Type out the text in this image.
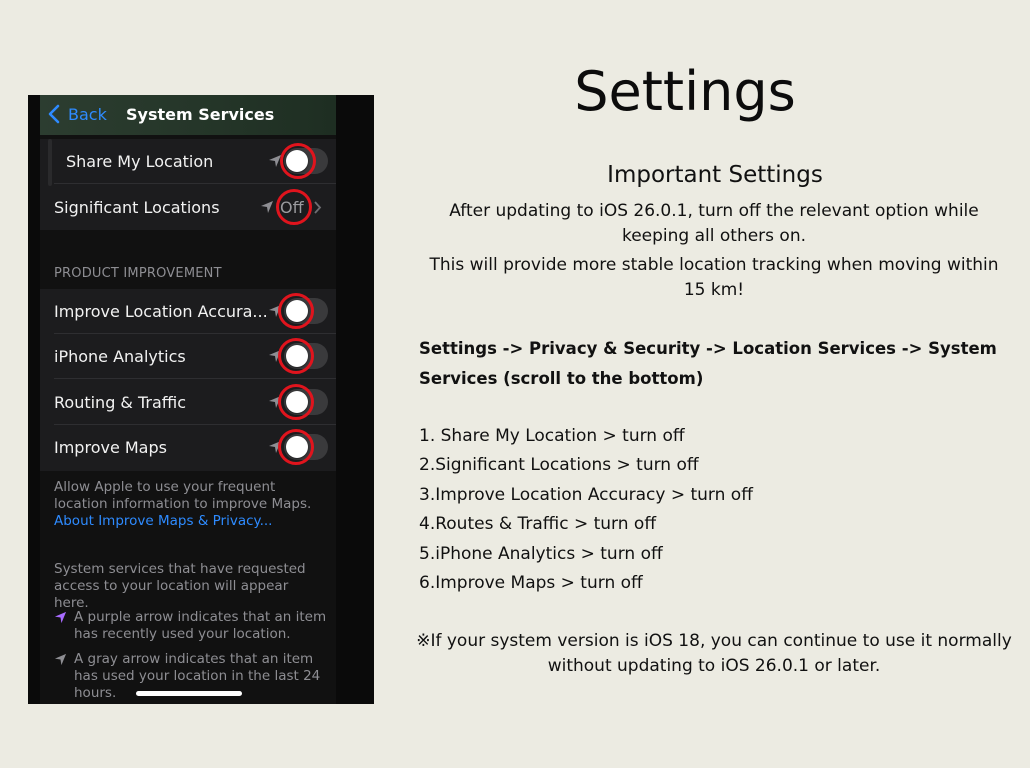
Back System Services
Share My Location
Significant Locations	Off
PRODUCT IMPROVEMENT
Improve Location Accura...
iPhone Analytics
Routing & Traffic
Improve Maps
Allow Apple to use your frequent location information to improve Maps.
About Improve Maps & Privacy...
System services that have requested access to your location will appear here.
A purple arrow indicates that an item has recently used your location.
A gray arrow indicates that an item has used your location in the last 24 hours.
Settings
Important Settings
After updating to iOS 26.0.1, turn off the relevant option while keeping all others on.
This will provide more stable location tracking when moving within 15 km!
Settings -> Privacy & Security -> Location Services -> System Services (scroll to the bottom)
1. Share My Location > turn off
2.Significant Locations > turn off
3.Improve Location Accuracy > turn off
4.Routes & Traffic > turn off
5.iPhone Analytics > turn off
6.Improve Maps > turn off
※If your system version is iOS 18, you can continue to use it normally without updating to iOS 26.0.1 or later.
